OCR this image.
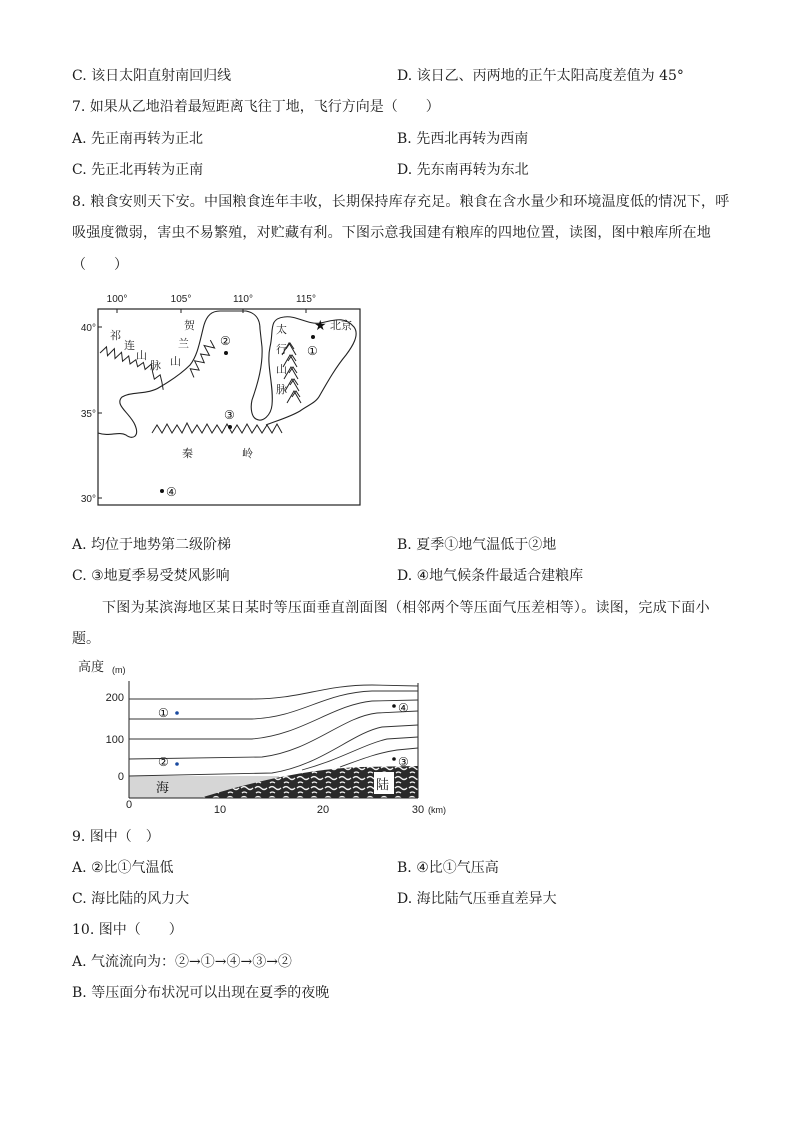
C. 该日太阳直射南回归线	D. 该日乙、丙两地的正午太阳高度差值为 45°
7. 如果从乙地沿着最短距离飞往丁地，飞行方向是（　　）
A. 先正南再转为正北	B. 先西北再转为西南
C. 先正北再转为正南	D. 先东南再转为东北
8. 粮食安则天下安。中国粮食连年丰收，长期保持库存充足。粮食在含水量少和环境温度低的情况下，呼
吸强度微弱，害虫不易繁殖，对贮藏有利。下图示意我国建有粮库的四地位置，读图，图中粮库所在地
（　　）
100°	105°	110°	115°
40°
35°
30°
祁
连
山
脉
贺
兰
山
太
行
山
脉
秦	岭
北京
★
①
②
③
④
A. 均位于地势第二级阶梯	B. 夏季①地气温低于②地
C. ③地夏季易受焚风影响	D. ④地气候条件最适合建粮库
下图为某滨海地区某日某时等压面垂直剖面图（相邻两个等压面气压差相等）。读图，完成下面小
题。
高度 (m)
200
100
0
0	10	20	30 (km)
陆
海
①
②	③
④
9. 图中（　）
A. ②比①气温低	B. ④比①气压高
C. 海比陆的风力大	D. 海比陆气压垂直差异大
10. 图中（　　）
A. 气流流向为：②→①→④→③→②
B. 等压面分布状况可以出现在夏季的夜晚
